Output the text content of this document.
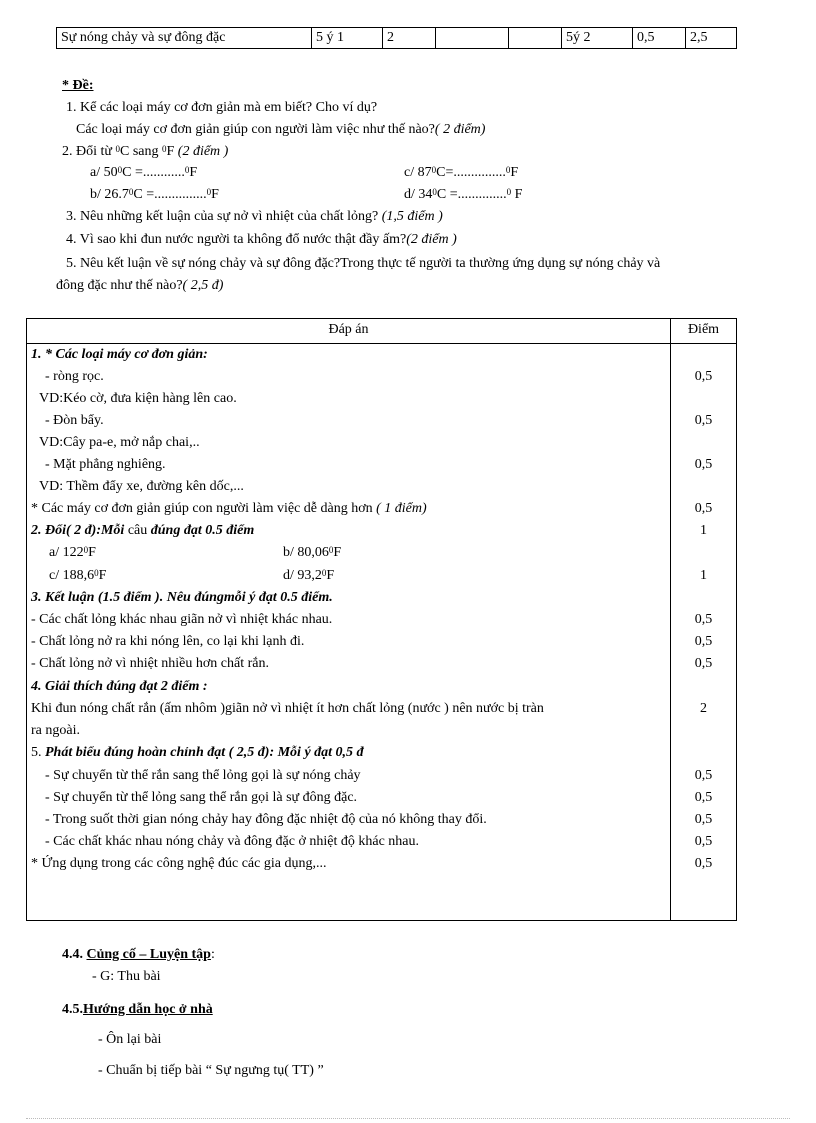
Sự nóng chảy và sự đông đặc	5 ý 1	2			5ý 2	0,5	2,5
* Đề:
1. Kể các loại máy cơ đơn giản mà em biết? Cho ví dụ?
Các loại máy cơ đơn giản giúp con người làm việc như thế nào?( 2 điểm)
2. Đổi từ $^0$C sang $^0$F (2 điểm )
a/ $50^0C =............^0F$	c/ $87^0C=...............^0F$
b/ $26.7^0C =...............^0F$	d/ $34^0C =..............^0$ F
3. Nêu những kết luận của sự nở vì nhiệt của chất lỏng? (1,5 điểm )
4. Vì sao khi đun nước người ta không đổ nước thật đầy ấm?(2 điểm )
5. Nêu kết luận về sự nóng chảy và sự đông đặc?Trong thực tế người ta thường ứng dụng sự nóng chảy và
đông đặc như thế nào?( 2,5 đ)
Đáp án	Điểm
1. * Các loại máy cơ đơn giản:
- ròng rọc.	0,5
VD:Kéo cờ, đưa kiện hàng lên cao.
- Đòn bẩy.	0,5
VD:Cây pa-e, mở nắp chai,..
- Mặt phẳng nghiêng.	0,5
VD: Thềm đẩy xe, đường kên dốc,...
* Các máy cơ đơn giản giúp con người làm việc dễ dàng hơn ( 1 điểm)	0,5
2. Đổi( 2 đ):Mỗi câu đúng đạt 0.5 điểm	1
a/ $122^0F$	b/ 80,06$^0$F
c/ 188,6$^0$F	d/ 93,2$^0$F	1
3. Kết luận (1.5 điểm ). Nêu đúngmỗi ý đạt 0.5 điểm.
- Các chất lỏng khác nhau giãn nở vì nhiệt khác nhau.	0,5
- Chất lỏng nở ra khi nóng lên, co lại khi lạnh đi.	0,5
- Chất lỏng nở vì nhiệt nhiều hơn chất rắn.	0,5
4. Giải thích đúng đạt 2 điểm :
Khi đun nóng chất rắn (ấm nhôm )giãn nở vì nhiệt ít hơn chất lỏng (nước ) nên nước bị tràn	2
ra ngoài.
5. Phát biểu đúng hoàn chỉnh đạt ( 2,5 đ): Mỗi ý đạt 0,5 đ
- Sự chuyển từ thể rắn sang thể lỏng gọi là sự nóng chảy	0,5
- Sự chuyển từ thể lỏng sang thể rắn gọi là sự đông đặc.	0,5
- Trong suốt thời gian nóng chảy hay đông đặc nhiệt độ của nó không thay đổi.	0,5
- Các chất khác nhau nóng chảy và đông đặc ở nhiệt độ khác nhau.	0,5
* Ứng dụng trong các công nghệ đúc các gia dụng,...	0,5
4.4. Củng cố – Luyện tập:
- G: Thu bài
4.5.Hướng dẫn học ở nhà
- Ôn lại bài
- Chuẩn bị tiếp bài “ Sự ngưng tụ( TT) ”
